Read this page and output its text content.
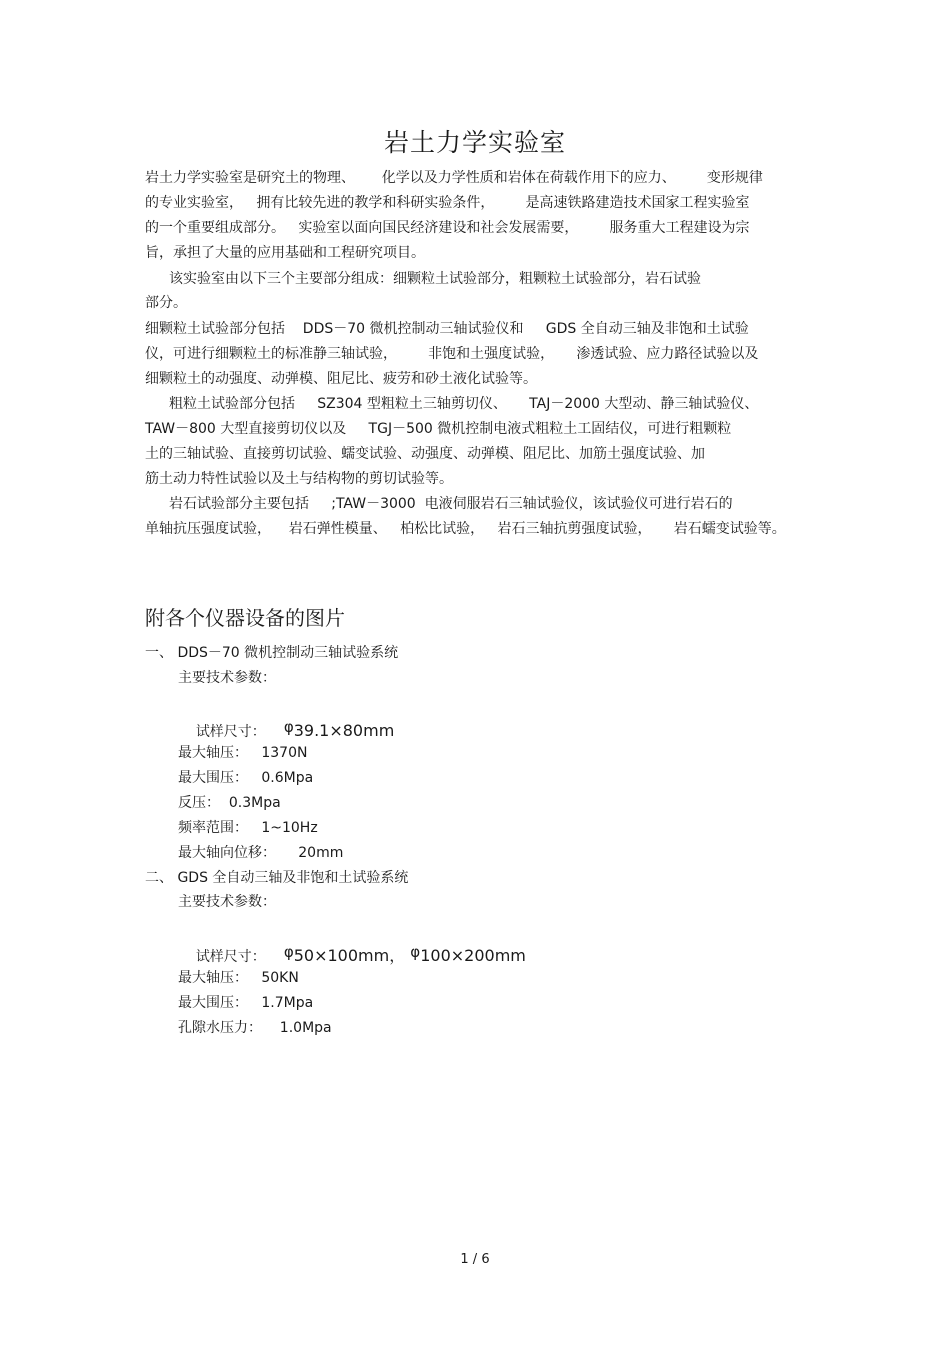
岩土力学实验室
岩土力学实验室是研究土的物理、      化学以及力学性质和岩体在荷载作用下的应力、       变形规律
的专业实验室，   拥有比较先进的教学和科研实验条件，       是高速铁路建造技术国家工程实验室
的一个重要组成部分。   实验室以面向国民经济建设和社会发展需要，       服务重大工程建设为宗
旨，承担了大量的应用基础和工程研究项目。
该实验室由以下三个主要部分组成：细颗粒土试验部分，粗颗粒土试验部分，岩石试验
部分。
细颗粒土试验部分包括    DDS－70 微机控制动三轴试验仪和     GDS 全自动三轴及非饱和土试验
仪，可进行细颗粒土的标准静三轴试验，       非饱和土强度试验，     渗透试验、应力路径试验以及
细颗粒土的动强度、动弹模、阻尼比、疲劳和砂土液化试验等。
粗粒土试验部分包括     SZ304 型粗粒土三轴剪切仪、     TAJ－2000 大型动、静三轴试验仪、
TAW－800 大型直接剪切仪以及     TGJ－500 微机控制电液式粗粒土工固结仪，可进行粗颗粒
土的三轴试验、直接剪切试验、蠕变试验、动强度、动弹模、阻尼比、加筋土强度试验、加
筋土动力特性试验以及土与结构物的剪切试验等。
岩石试验部分主要包括     ;TAW－3000  电液伺服岩石三轴试验仪，该试验仪可进行岩石的
单轴抗压强度试验，    岩石弹性模量、   柏松比试验，   岩石三轴抗剪强度试验，     岩石蠕变试验等。
附各个仪器设备的图片
一、 DDS－70 微机控制动三轴试验系统
主要技术参数：

试样尺寸： φ39.1×80mm

最大轴压：   1370N
最大围压：   0.6Mpa
反压：  0.3Mpa
频率范围：   1~10Hz
最大轴向位移：     20mm
二、 GDS 全自动三轴及非饱和土试验系统
主要技术参数：

试样尺寸： φ50×100mm， φ100×200mm

最大轴压：   50KN
最大围压：   1.7Mpa
孔隙水压力：    1.0Mpa
1 / 6
